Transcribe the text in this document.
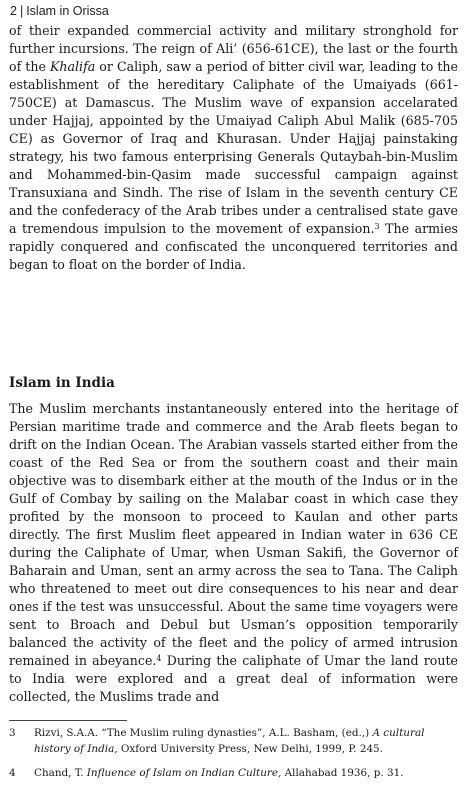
2 | Islam in Orissa

of their expanded commercial activity and military stronghold for further incursions. The reign of Ali’ (656-61CE), the last or the fourth of the Khalifa or Caliph, saw a period of bitter civil war, leading to the establishment of the hereditary Caliphate of the Umaiyads (661-750CE) at Damascus. The Muslim wave of expansion accelarated under Hajjaj, appointed by the Umaiyad Caliph Abul Malik (685-705 CE) as Governor of Iraq and Khurasan. Under Hajjaj painstaking strategy, his two famous enterprising Generals Qutaybah-bin-Muslim and Mohammed-bin-Qasim made successful campaign against Transuxiana and Sindh. The rise of Islam in the seventh century CE and the confederacy of the Arab tribes under a centralised state gave a tremendous impulsion to the movement of expansion.$^3$ The armies rapidly conquered and confiscated the unconquered territories and began to float on the border of India.

Islam in India

The Muslim merchants instantaneously entered into the heritage of Persian maritime trade and commerce and the Arab fleets began to drift on the Indian Ocean. The Arabian vassels started either from the coast of the Red Sea or from the southern coast and their main objective was to disembark either at the mouth of the Indus or in the Gulf of Combay by sailing on the Malabar coast in which case they profited by the monsoon to proceed to Kaulan and other parts directly. The first Muslim fleet appeared in Indian water in 636 CE during the Caliphate of Umar, when Usman Sakifi, the Governor of Baharain and Uman, sent an army across the sea to Tana. The Caliph who threatened to meet out dire consequences to his near and dear ones if the test was unsuccessful. About the same time voyagers were sent to Broach and Debul but Usman’s opposition temporarily balanced the activity of the fleet and the policy of armed intrusion remained in abeyance.$^4$ During the caliphate of Umar the land route to India were explored and a great deal of information were collected, the Muslims trade and

3 Rizvi, S.A.A. “The Muslim ruling dynasties”, A.L. Basham, (ed.,) A cultural history of India, Oxford University Press, New Delhi, 1999, P. 245.
4 Chand, T. Influence of Islam on Indian Culture, Allahabad 1936, p. 31.
